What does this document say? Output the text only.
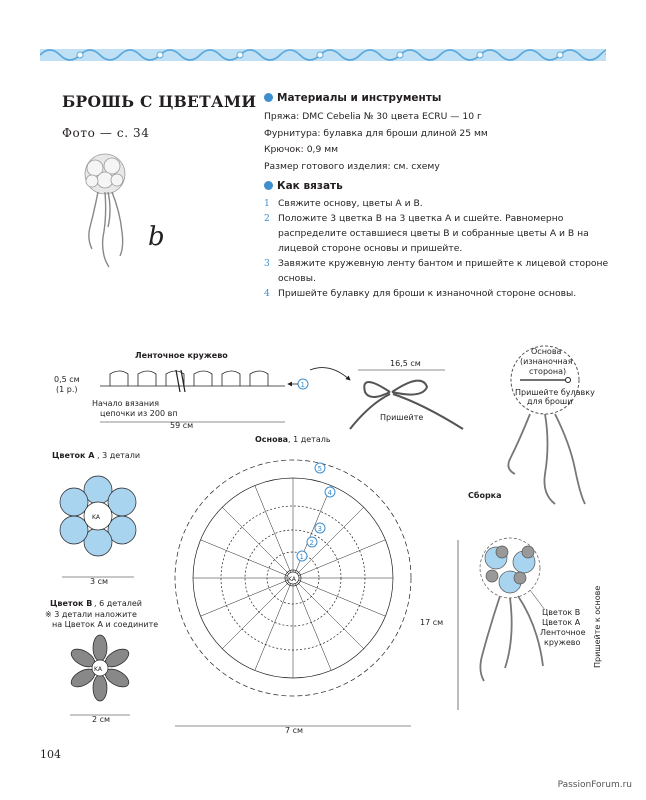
БРОШЬ С ЦВЕТАМИ
Фото — с. 34
b
Материалы и инструменты
Пряжа: DMC Cebelia № 30 цвета ECRU — 10 г
Фурнитура: булавка для броши длиной 25 мм
Крючок: 0,9 мм
Размер готового изделия: см. схему
Как вязать
1 Свяжите основу, цветы А и В.
2 Положите 3 цветка В на 3 цветка А и сшейте. Равномерно распределите оставшиеся цветы В и собранные цветы А и В на лицевой стороне основы и пришейте.
3 Завяжите кружевную ленту бантом и пришейте к лицевой стороне основы.
4 Пришейте булавку для броши к изнаночной стороне основы.
Ленточное кружево
0,5 см
(1 р.)	1
Начало вязания
цепочки из 200 вп
59 см
16,5 см
Пришейте
Основа
(изнаночная
сторона)
Пришейте булавку
для броши
Основа , 1 деталь
KA
1
2
3
4
5
7 см
Цветок А , 3 детали
KA
3 см
Цветок В , 6 деталей
※ 3 детали наложите
на Цветок А и соедините
KA
2 см
Сборка
17 см
Цветок В
Цветок А
Ленточное
кружево Пришейте к основе
104
PassionForum.ru
